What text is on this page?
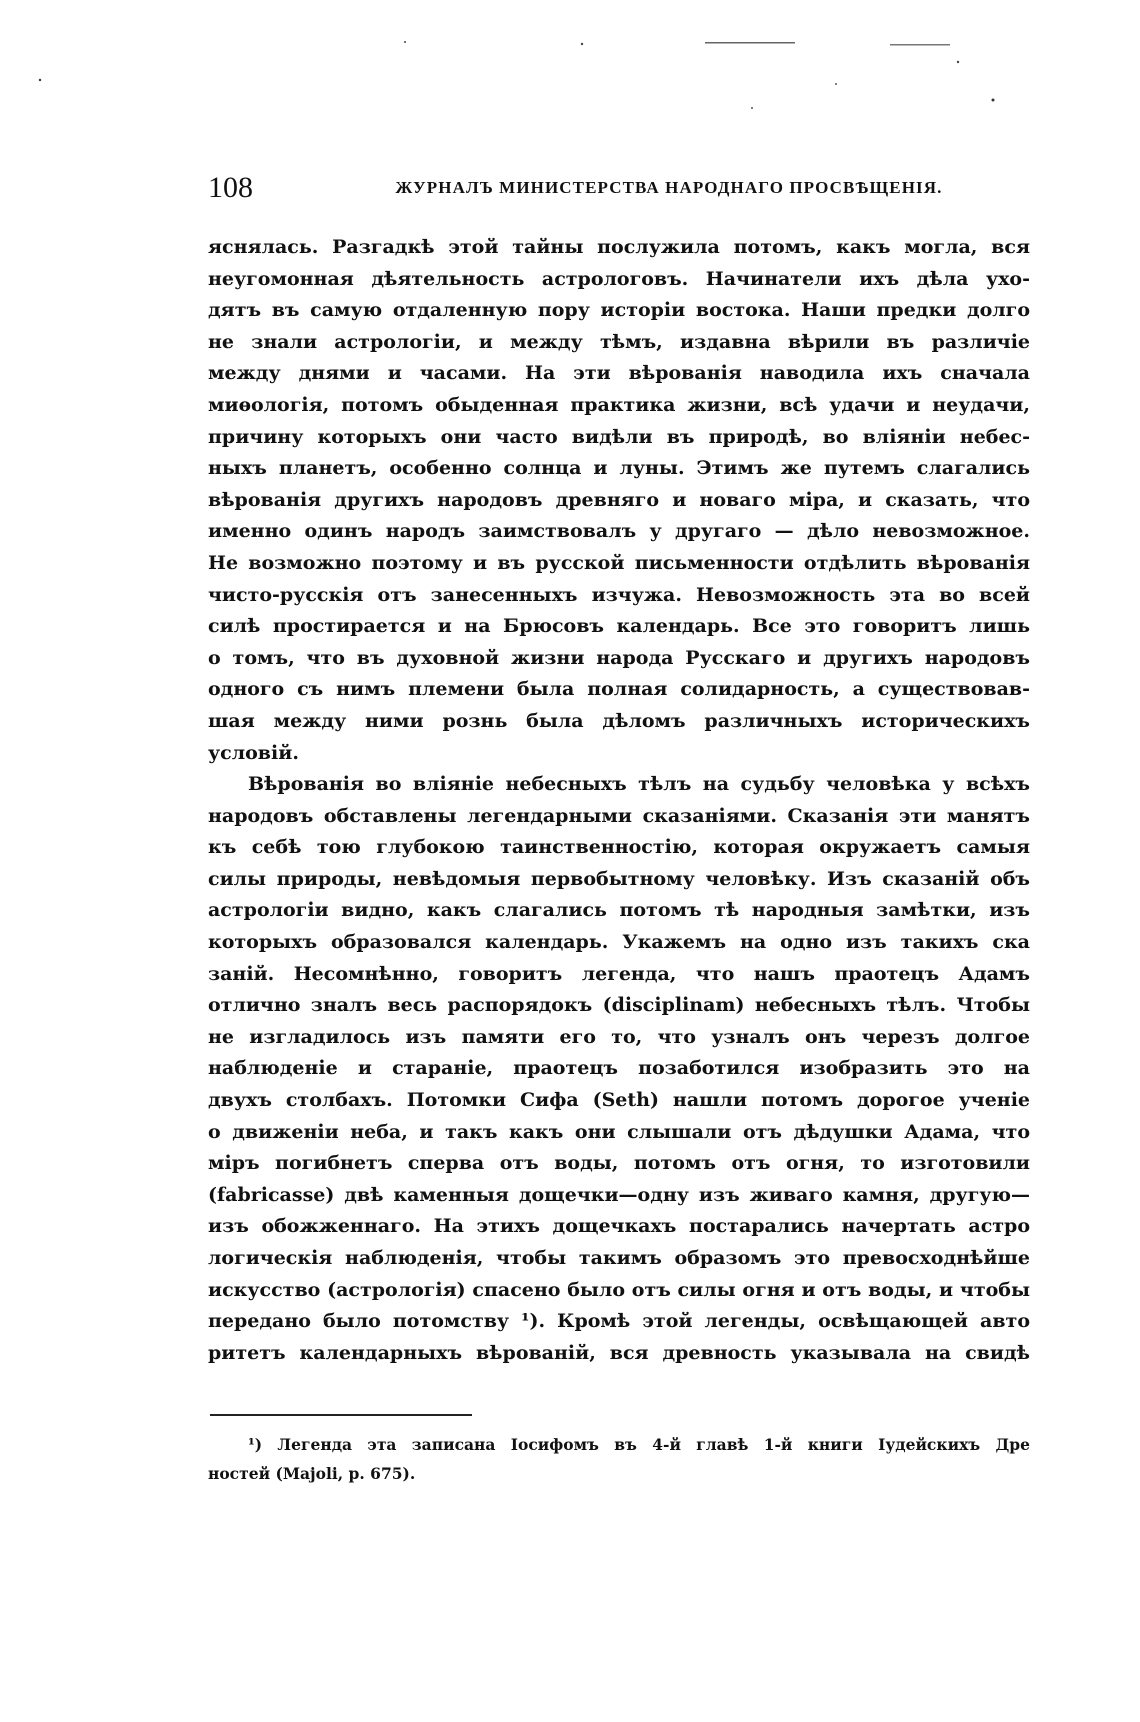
108	ЖУРНАЛЪ МИНИСТЕРСТВА НАРОДНАГО ПРОСВѢЩЕНІЯ.
яснялась. Разгадкѣ этой тайны послужила потомъ, какъ могла, вся
неугомонная дѣятельность астрологовъ. Начинатели ихъ дѣла ухо-
дятъ въ самую отдаленную пору исторіи востока. Наши предки долго
не знали астрологіи, и между тѣмъ, издавна вѣрили въ различіе
между днями и часами. На эти вѣрованія наводила ихъ сначала
миѳологія, потомъ обыденная практика жизни, всѣ удачи и неудачи,
причину которыхъ они часто видѣли въ природѣ, во вліяніи небес-
ныхъ планетъ, особенно солнца и луны. Этимъ же путемъ слагались
вѣрованія другихъ народовъ древняго и новаго міра, и сказать, что
именно одинъ народъ заимствовалъ у другаго — дѣло невозможное.
Не возможно поэтому и въ русской письменности отдѣлить вѣрованія
чисто-русскія отъ занесенныхъ изчужа. Невозможность эта во всей
силѣ простирается и на Брюсовъ календарь. Все это говоритъ лишь
о томъ, что въ духовной жизни народа Русскаго и другихъ народовъ
одного съ нимъ племени была полная солидарность, а существовав-
шая между ними рознь была дѣломъ различныхъ историческихъ
условій.
Вѣрованія во вліяніе небесныхъ тѣлъ на судьбу человѣка у всѣхъ
народовъ обставлены легендарными сказаніями. Сказанія эти манятъ
къ себѣ тою глубокою таинственностію, которая окружаетъ самыя
силы природы, невѣдомыя первобытному человѣку. Изъ сказаній объ
астрологіи видно, какъ слагались потомъ тѣ народныя замѣтки, изъ
которыхъ образовался календарь. Укажемъ на одно изъ такихъ ска
заній. Несомнѣнно, говоритъ легенда, что нашъ праотецъ Адамъ
отлично зналъ весь распорядокъ (disciplinam) небесныхъ тѣлъ. Чтобы
не изгладилось изъ памяти его то, что узналъ онъ черезъ долгое
наблюденіе и стараніе, праотецъ позаботился изобразить это на
двухъ столбахъ. Потомки Сифа (Seth) нашли потомъ дорогое ученіе
о движеніи неба, и такъ какъ они слышали отъ дѣдушки Адама, что
міръ погибнетъ сперва отъ воды, потомъ отъ огня, то изготовили
(fabricasse) двѣ каменныя дощечки—одну изъ живаго камня, другую—
изъ обожженнаго. На этихъ дощечкахъ постарались начертать астро
логическія наблюденія, чтобы такимъ образомъ это превосходнѣйше
искусство (астрологія) спасено было отъ силы огня и отъ воды, и чтобы
передано было потомству ¹). Кромѣ этой легенды, освѣщающей авто
ритетъ календарныхъ вѣрованій, вся древность указывала на свидѣ
¹) Легенда эта записана Іосифомъ въ 4-й главѣ 1-й книги Іудейскихъ Дре
ностей (Majoli, p. 675).
